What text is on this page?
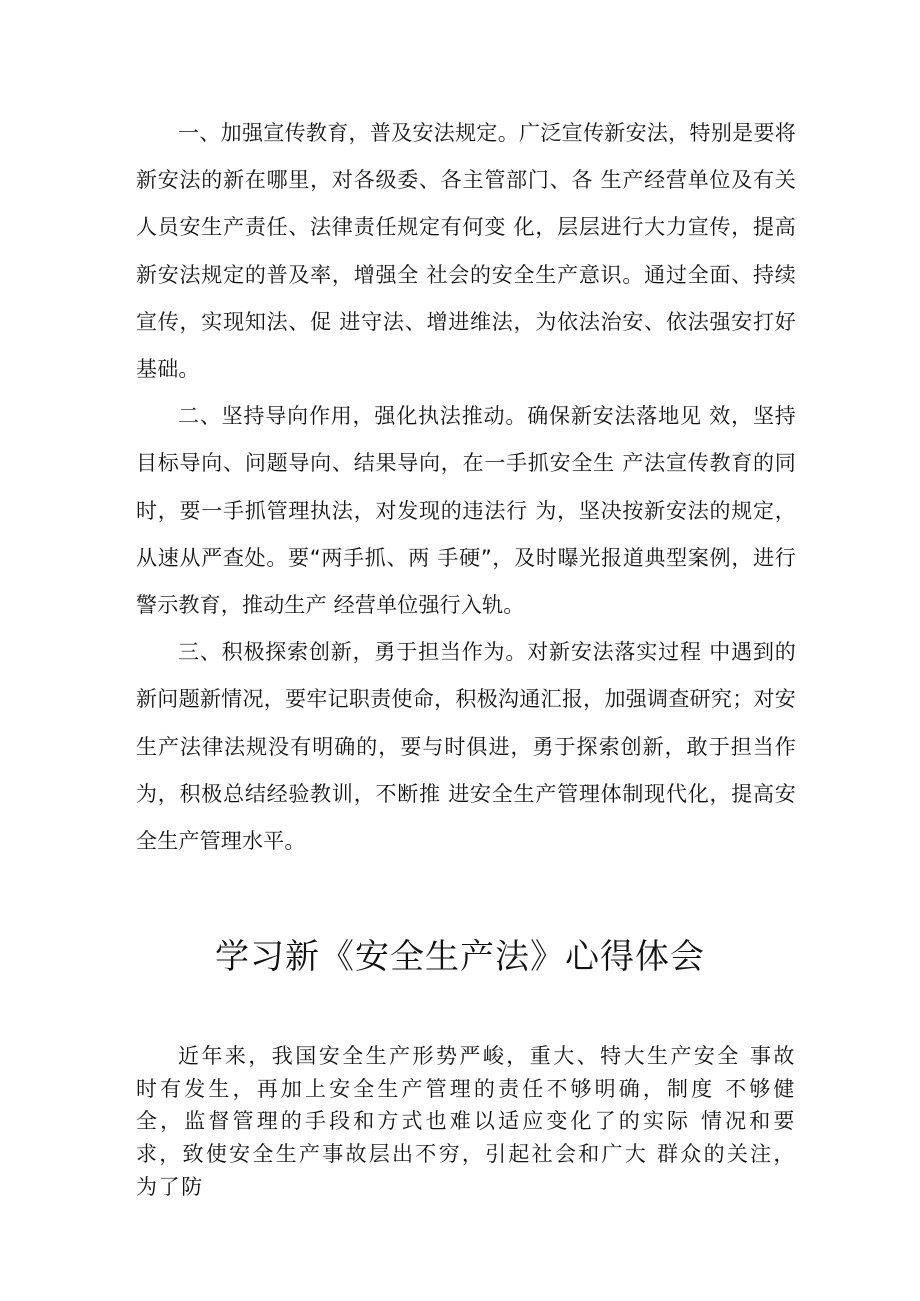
一、加强宣传教育，普及安法规定。广泛宣传新安法，特别是要将新安法的新在哪里，对各级委、各主管部门、各 生产经营单位及有关人员安生产责任、法律责任规定有何变 化，层层进行大力宣传，提高新安法规定的普及率，增强全 社会的安全生产意识。通过全面、持续宣传，实现知法、促 进守法、增进维法，为依法治安、依法强安打好基础。

二、坚持导向作用，强化执法推动。确保新安法落地见 效，坚持目标导向、问题导向、结果导向，在一手抓安全生 产法宣传教育的同时，要一手抓管理执法，对发现的违法行 为，坚决按新安法的规定，从速从严查处。要“两手抓、两 手硬”，及时曝光报道典型案例，进行警示教育，推动生产 经营单位强行入轨。

三、积极探索创新，勇于担当作为。对新安法落实过程 中遇到的新问题新情况，要牢记职责使命，积极沟通汇报，加强调查研究；对安生产法律法规没有明确的，要与时俱进，勇于探索创新，敢于担当作为，积极总结经验教训，不断推 进安全生产管理体制现代化，提高安全生产管理水平。

学习新《安全生产法》心得体会

近年来，我国安全生产形势严峻，重大、特大生产安全 事故时有发生，再加上安全生产管理的责任不够明确，制度 不够健全，监督管理的手段和方式也难以适应变化了的实际 情况和要求，致使安全生产事故层出不穷，引起社会和广大 群众的关注，为了防
